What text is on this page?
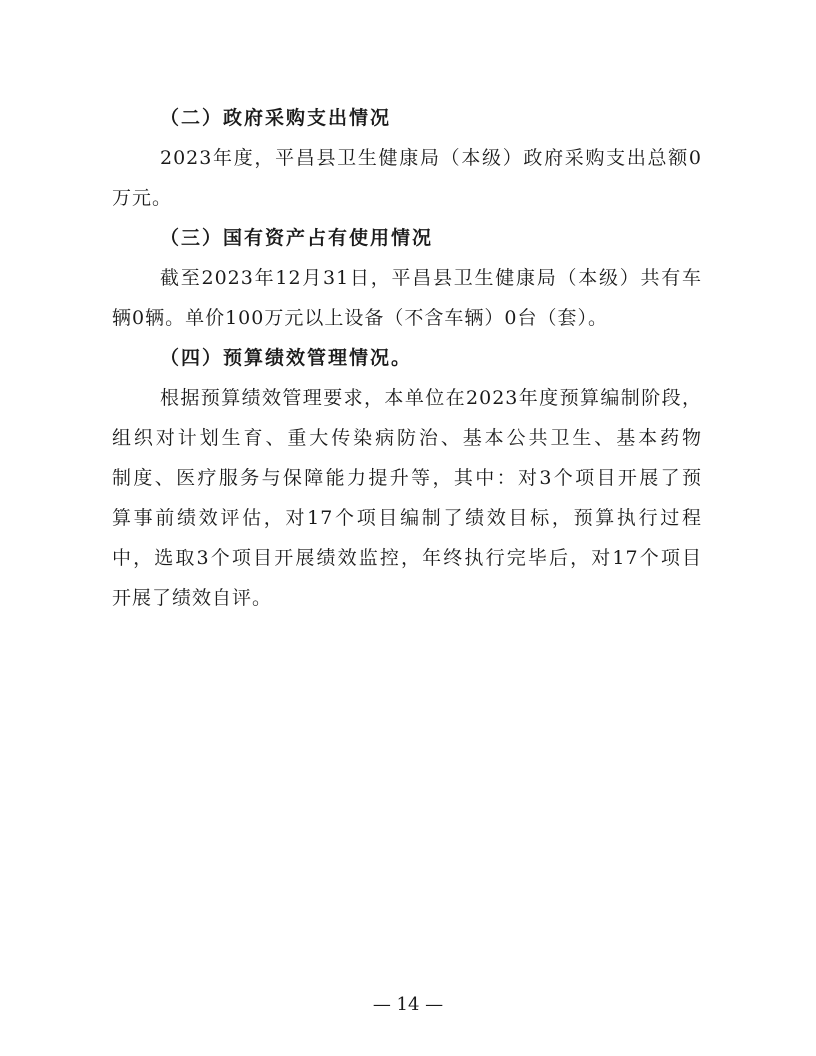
（二）政府采购支出情况
2023年度，平昌县卫生健康局（本级）政府采购支出总额0
万元。
（三）国有资产占有使用情况
截至2023年12月31日，平昌县卫生健康局（本级）共有车
辆0辆。单价100万元以上设备（不含车辆）0台（套）。
（四）预算绩效管理情况。
根据预算绩效管理要求，本单位在2023年度预算编制阶段，
组织对计划生育、重大传染病防治、基本公共卫生、基本药物
制度、医疗服务与保障能力提升等，其中：对3个项目开展了预
算事前绩效评估，对17个项目编制了绩效目标，预算执行过程
中，选取3个项目开展绩效监控，年终执行完毕后，对17个项目
开展了绩效自评。
— 14 —
